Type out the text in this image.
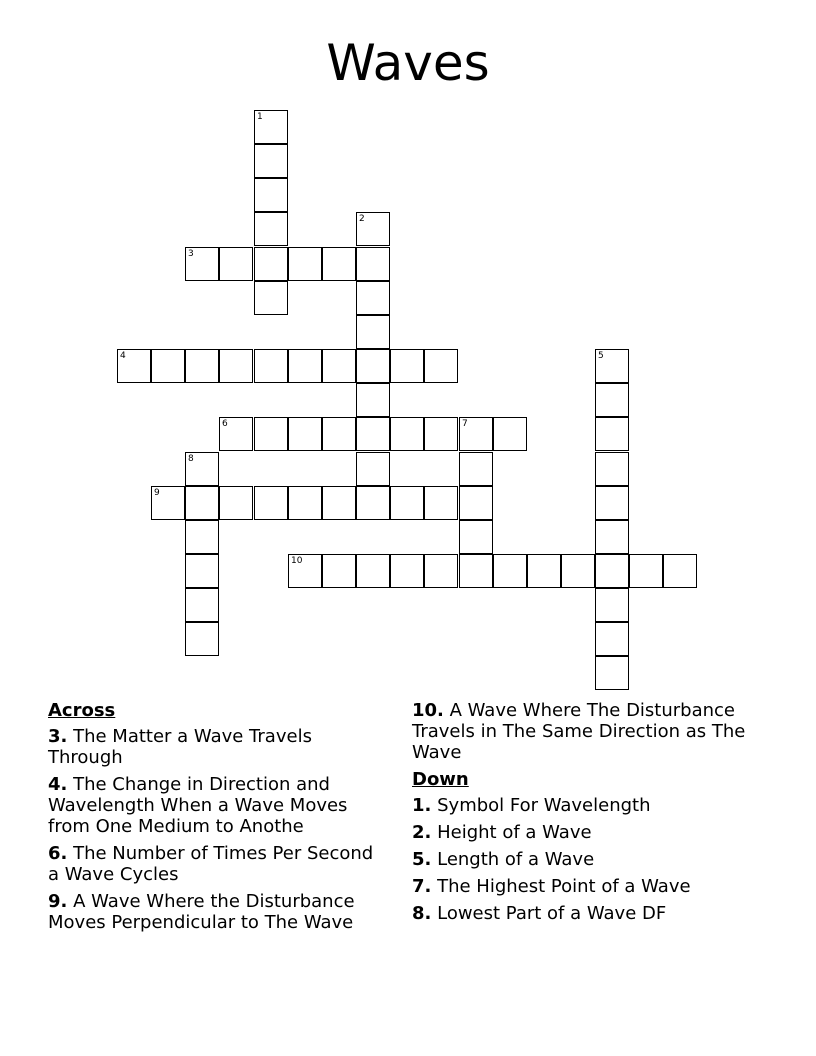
Waves
1
2
3
4	5
6	7
8
9
10
Across
3. The Matter a Wave Travels Through
4. The Change in Direction and Wavelength When a Wave Moves from One Medium to Anothe
6. The Number of Times Per Second a Wave Cycles
9. A Wave Where the Disturbance Moves Perpendicular to The Wave
10. A Wave Where The Disturbance Travels in The Same Direction as The Wave
Down
1. Symbol For Wavelength
2. Height of a Wave
5. Length of a Wave
7. The Highest Point of a Wave
8. Lowest Part of a Wave DF
